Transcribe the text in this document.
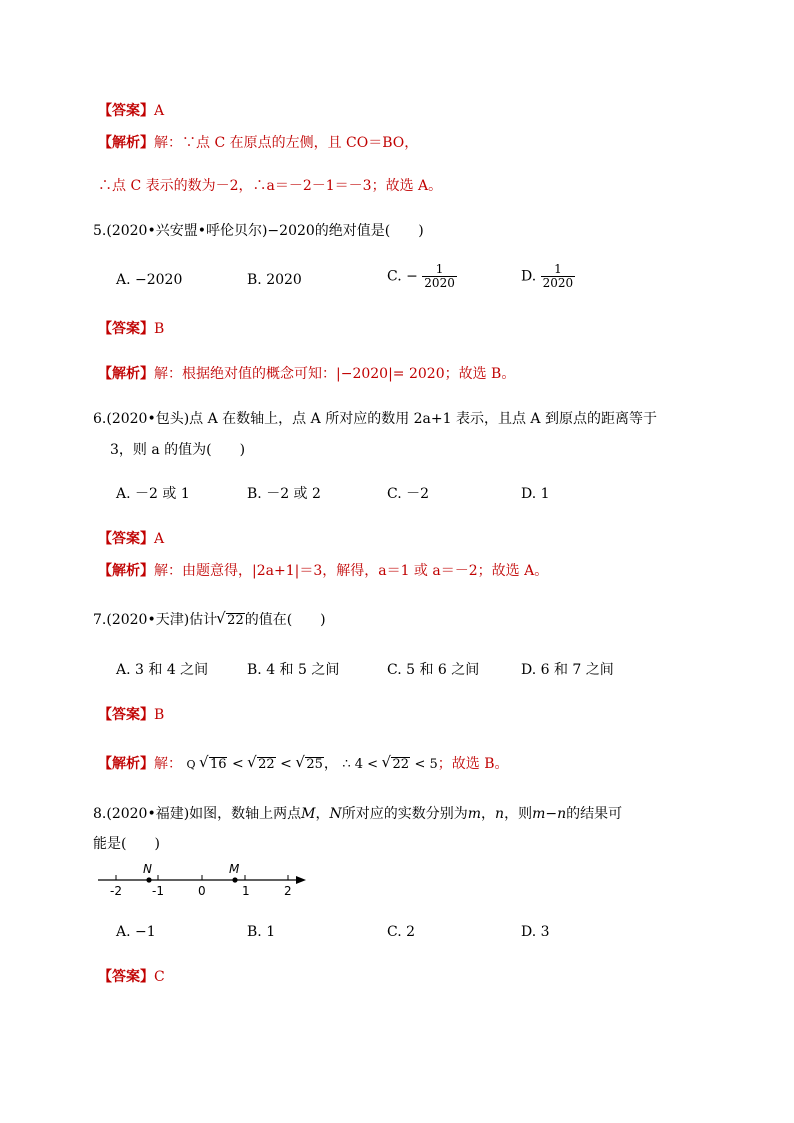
【答案】A
【解析】解：∵点 C 在原点的左侧，且 CO＝BO，
∴点 C 表示的数为－2，∴a＝－2－1＝－3；故选 A。
5.(2020•兴安盟•呼伦贝尔)−2020的绝对值是(　　)
A. −2020	B. 2020	C. − $\frac{1}{2020}$	D. $\frac{1}{2020}$
【答案】B
【解析】解：根据绝对值的概念可知：|−2020|= 2020；故选 B。
6.(2020•包头)点 A 在数轴上，点 A 所对应的数用 2a+1 表示，且点 A 到原点的距离等于
3，则 a 的值为(　　)
A. －2 或 1	B. －2 或 2	C. －2	D. 1
【答案】A
【解析】解：由题意得，|2a+1|＝3，解得，a＝1 或 a＝－2；故选 A。
7.(2020•天津)估计 √ 22的值在(　　)
A. 3 和 4 之间	B. 4 和 5 之间	C. 5 和 6 之间	D. 6 和 7 之间
【答案】B
【解析】解： Q √ 16 < √ 22 < √ 25， ∴ 4 < √ 22 < 5；故选 B。
8.(2020•福建)如图，数轴上两点M，N所对应的实数分别为m，n，则m−n的结果可
能是(　　)
-2	-1	0	1	2
N	M
A. −1	B. 1	C. 2	D. 3
【答案】C
